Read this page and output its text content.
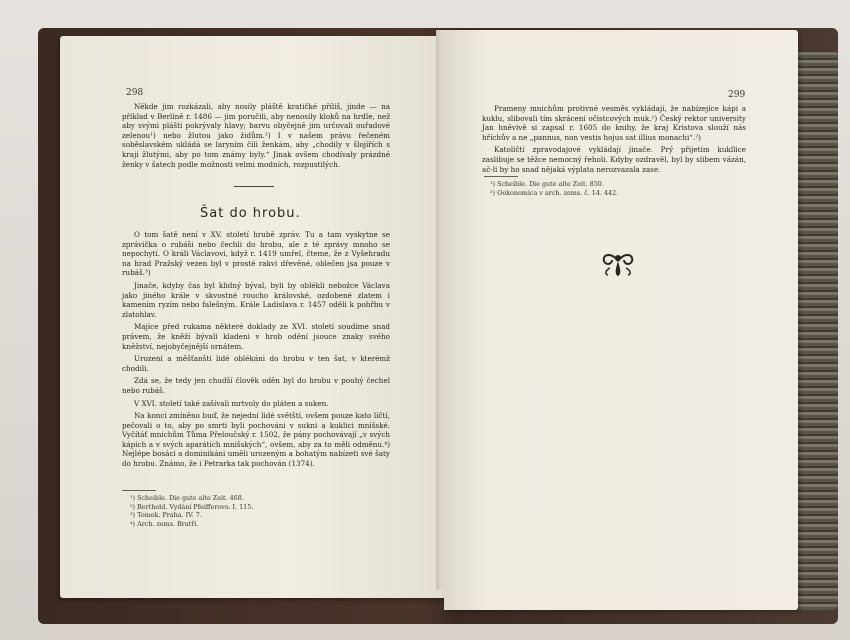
298

Někde jim rozkázali, aby nosily pláště kratičké příliš, jinde — na příklad v Berlíně r. 1486 — jim poručili, aby nenosily kloků na hrdle, než aby svými plášti pokrývaly hlavy; barvu obyčejně jim určovali ouřadové zelenou¹) nebo žlutou jako židům.²) I v našem právu řečeném soběslavském ukládá se laryním čili ženkám, aby „chodily v šlojířích s kraji žlutými, aby po tom známy byly.“ Jinak ovšem chodívaly prázdné ženky v šatech podle možnosti velmi modních, rozpustilých.

Šat do hrobu.

O tom šatě není v XV. století hrubě zpráv. Tu a tam vyskytne se zprávička o rubáši nebo čechli do hrobu, ale z té zprávy mnoho se nepochytí. O králi Václavovi, když r. 1419 umřel, čteme, že z Vyšehradu na hrad Pražský vezen byl v prosté rakvi dřevěné, oblečen jsa pouze v rubáš.³)

Jinače, kdyby čas byl klidný býval, byli by oblékli nebožce Václava jako jiného krále v skvostné roucho královské, ozdobené zlatem i kamením ryzím nebo falešným. Krále Ladislava r. 1457 oděli k pohřbu v zlatohlav.

Majíce před rukama některé doklady ze XVI. století soudíme snad právem, že kněží bývali kladeni v hrob odění jsouce znaky svého kněžství, nejobyčejnější ornátem.

Urození a měšťanští lidé oblékáni do hrobu v ten šat, v kterémž chodili.

Zdá se, že tedy jen chudší člověk oděn byl do hrobu v pouhý čechel nebo rubáš.

V XVI. století také zašívali mrtvoly do pláten a suken.

Na konci zmíněno buď, že nejední lidé světští, ovšem pouze kato líčtí, pečovali o to, aby po smrti byli pochováni v sukni a kuklici mnišské. Vyčítáť mnichům Tůma Přeloučský r. 1502, že pány pochovávají „v svých kápích a v svých aparátích mnišských“, ovšem, aby za to měli odměnu.⁴) Nejlépe bosáci a dominikáni uměli urozeným a bohatým nabízeti své šaty do hrobu. Známo, že i Petrarka tak pochován (1374).

¹) Scheible. Die gute alte Zeit. 468.
²) Berthold. Vydání Pfeifferovo. I. 115.
³) Tomek. Praha. IV. 7.
⁴) Arch. zems. Bratří.
299

Prameny mnichům protivné vesměs vykládají, že nabízejíce kápi a kuklu, slibovali tím skrácení očistcových muk.¹) Český rektor university Jan hněvivě si zapsal r. 1605 do knihy, že kraj Kristova slouží nás hříchův a ne „pannus, non vestis hojus sat illius monachi“.²)

Katoličtí zpravodajové vykládají jinače. Prý přijetím kukllice zaslibuje se těžce nemocný řeholi. Kdyby ozdravěl, byl by slibem vázán, ač-li by ho snad nějaká výplata nerozvazala zase.

¹) Scheible. Die gute alte Zeit. 850.
²) Oekonomica v arch. zems. č. 14. 442.
